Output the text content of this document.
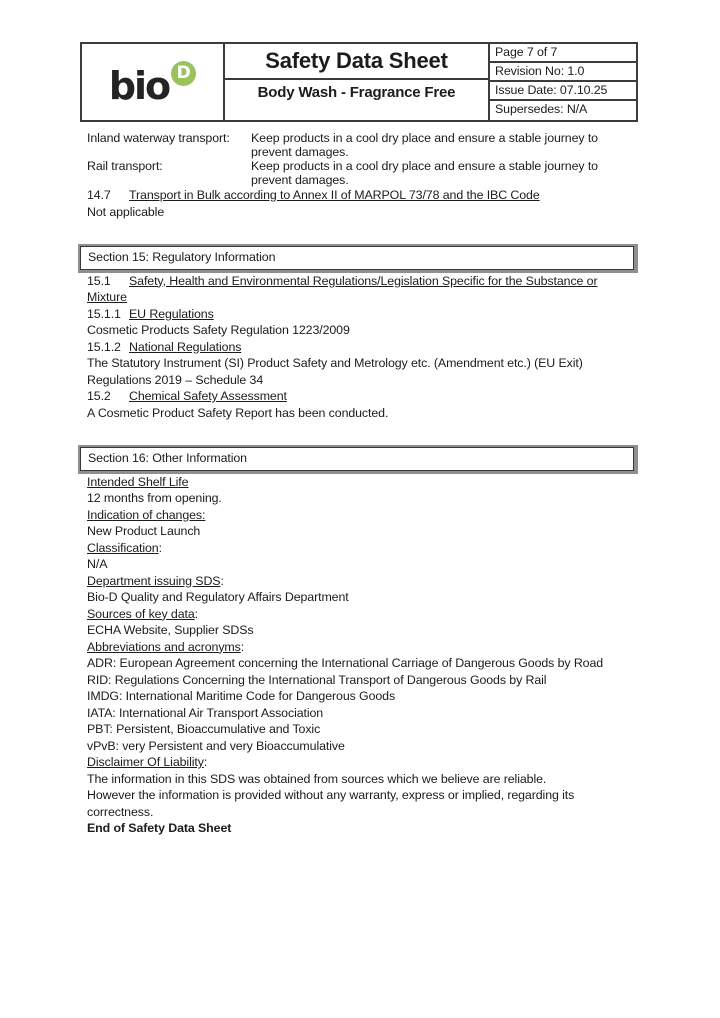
bio D
Safety Data Sheet
Body Wash - Fragrance Free
Page 7 of 7
Revision No: 1.0
Issue Date: 07.10.25
Supersedes: N/A
Inland waterway transport:	Keep products in a cool dry place and ensure a stable journey to prevent damages.
Rail transport:	Keep products in a cool dry place and ensure a stable journey to prevent damages.

14.7 Transport in Bulk according to Annex II of MARPOL 73/78 and the IBC Code

Not applicable

Section 15: Regulatory Information

15.1 Safety, Health and Environmental Regulations/Legislation Specific for the Substance or Mixture

15.1.1 EU Regulations

Cosmetic Products Safety Regulation 1223/2009

15.1.2 National Regulations

The Statutory Instrument (SI) Product Safety and Metrology etc. (Amendment etc.) (EU Exit) Regulations 2019 – Schedule 34

15.2 Chemical Safety Assessment

A Cosmetic Product Safety Report has been conducted.

Section 16: Other Information

Intended Shelf Life

12 months from opening.

Indication of changes:

New Product Launch

Classification:

N/A

Department issuing SDS:

Bio-D Quality and Regulatory Affairs Department

Sources of key data:

ECHA Website, Supplier SDSs

Abbreviations and acronyms:

ADR: European Agreement concerning the International Carriage of Dangerous Goods by Road

RID: Regulations Concerning the International Transport of Dangerous Goods by Rail

IMDG: International Maritime Code for Dangerous Goods

IATA: International Air Transport Association

PBT: Persistent, Bioaccumulative and Toxic

vPvB: very Persistent and very Bioaccumulative

Disclaimer Of Liability:

The information in this SDS was obtained from sources which we believe are reliable.   However the information is provided without any warranty, express or implied, regarding its correctness.

End of Safety Data Sheet
